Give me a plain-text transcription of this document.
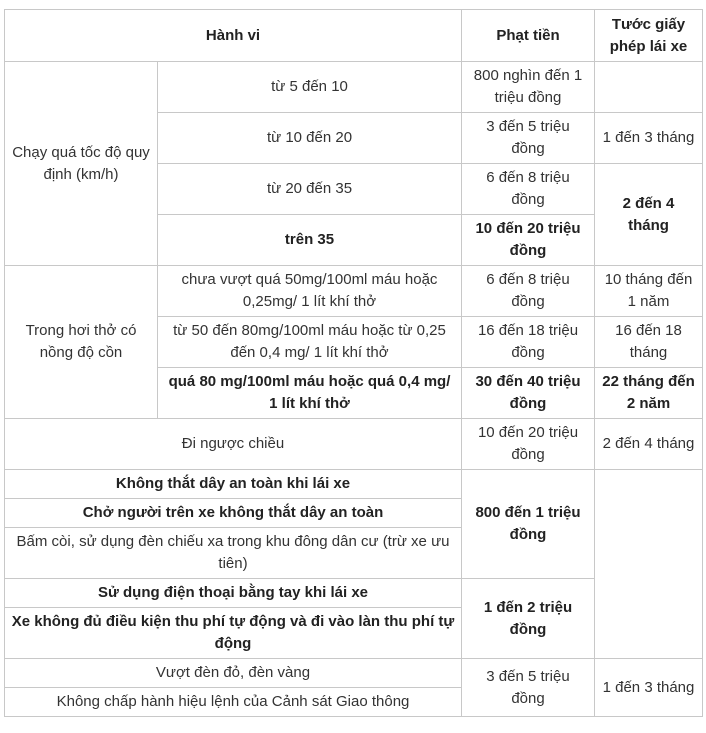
Hành vi		Phạt tiền	Tước giấy phép lái xe
Chạy quá tốc độ quy định (km/h)	từ 5 đến 10	800 nghìn đến 1 triệu đồng	
	từ 10 đến 20	3 đến 5 triệu đồng	1 đến 3 tháng
	từ 20 đến 35	6 đến 8 triệu đồng	2 đến 4 tháng
	trên 35	10 đến 20 triệu đồng	
Trong hơi thở có nồng độ cồn	chưa vượt quá 50mg/100ml máu hoặc 0,25mg/ 1 lít khí thở	6 đến 8 triệu đồng	10 tháng đến 1 năm
	từ 50 đến 80mg/100ml máu hoặc từ 0,25 đến 0,4 mg/ 1 lít khí thở	16 đến 18 triệu đồng	16 đến 18 tháng
	quá 80 mg/100ml máu hoặc quá 0,4 mg/ 1 lít khí thở	30 đến 40 triệu đồng	22 tháng đến 2 năm
Đi ngược chiều		10 đến 20 triệu đồng	2 đến 4 tháng
Không thắt dây an toàn khi lái xe		800 đến 1 triệu đồng	
Chở người trên xe không thắt dây an toàn			
Bấm còi, sử dụng đèn chiếu xa trong khu đông dân cư (trừ xe ưu tiên)			
Sử dụng điện thoại bằng tay khi lái xe		1 đến 2 triệu đồng	
Xe không đủ điều kiện thu phí tự động và đi vào làn thu phí tự động			
Vượt đèn đỏ, đèn vàng		3 đến 5 triệu đồng	1 đến 3 tháng
Không chấp hành hiệu lệnh của Cảnh sát Giao thông			
